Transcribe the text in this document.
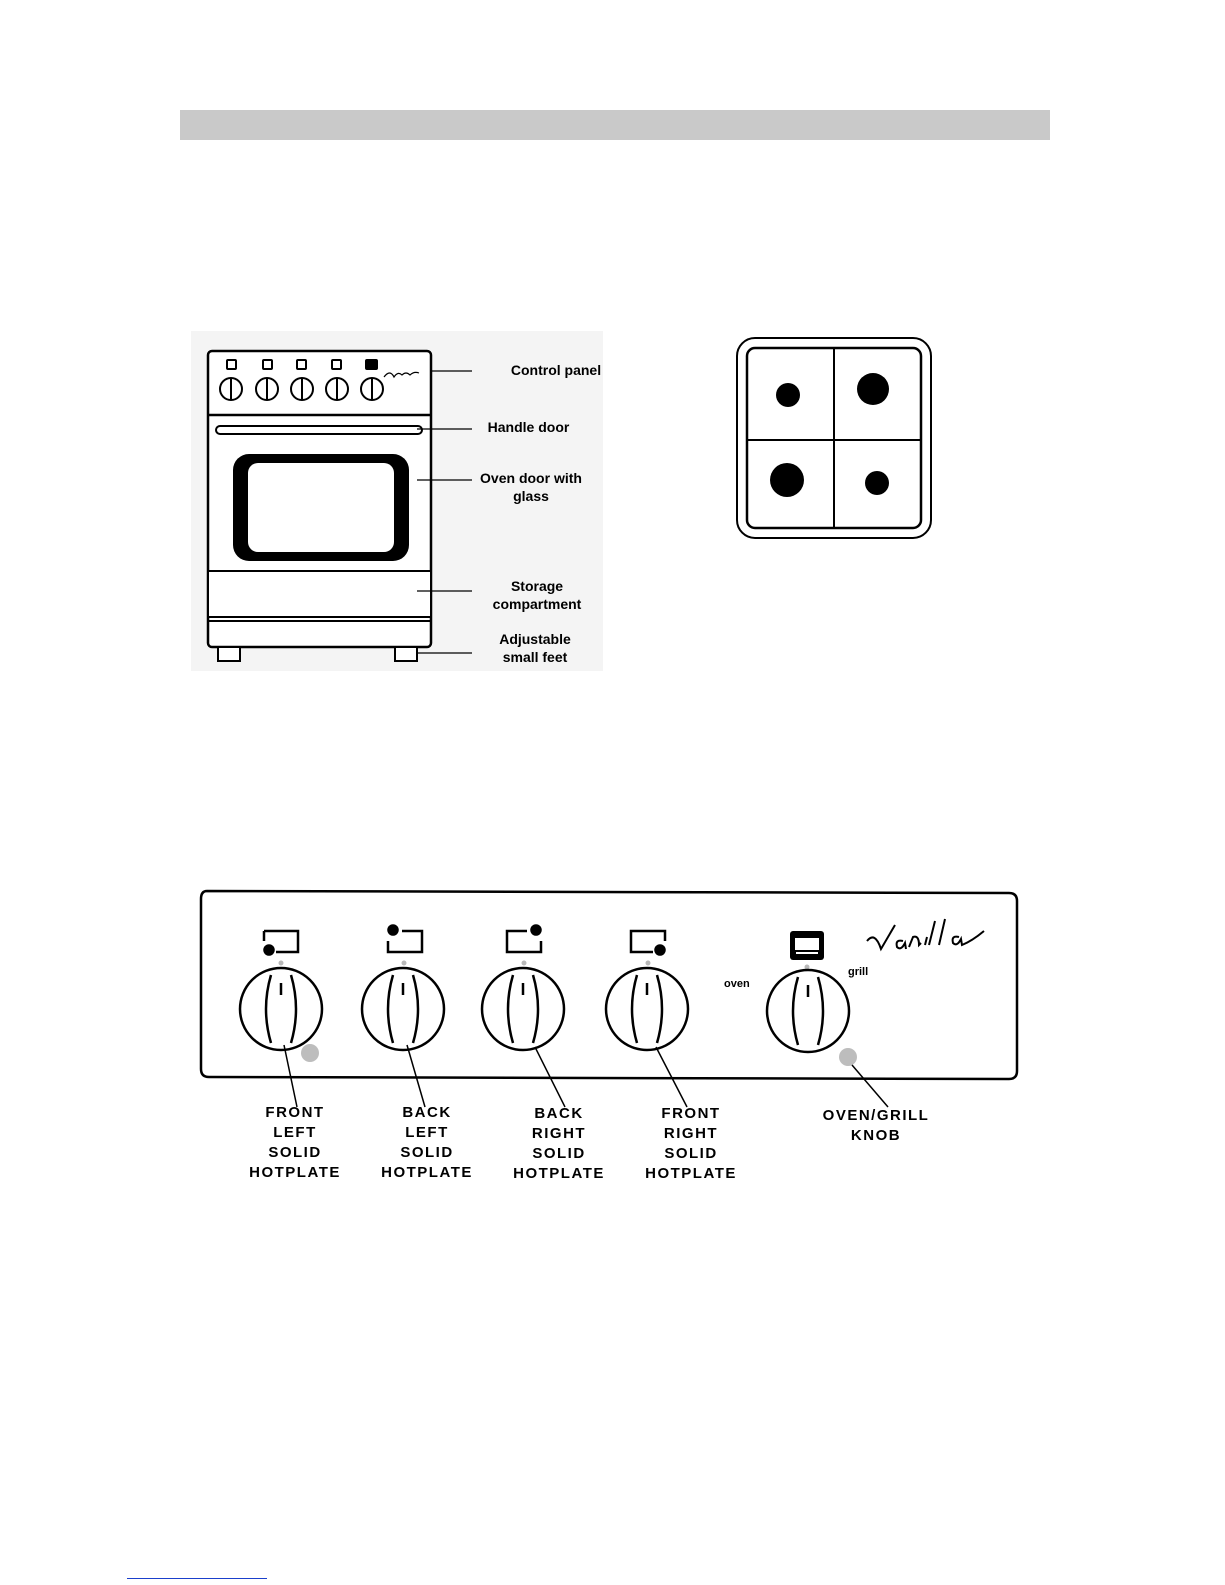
Control panel
Handle door
Oven door with
glass
Storage
compartment
Adjustable
small feet
oven
grill
FRONT
LEFT
SOLID
HOTPLATE
BACK
LEFT
SOLID
HOTPLATE
BACK
RIGHT
SOLID
HOTPLATE
FRONT
RIGHT
SOLID
HOTPLATE
OVEN/GRILL
KNOB
